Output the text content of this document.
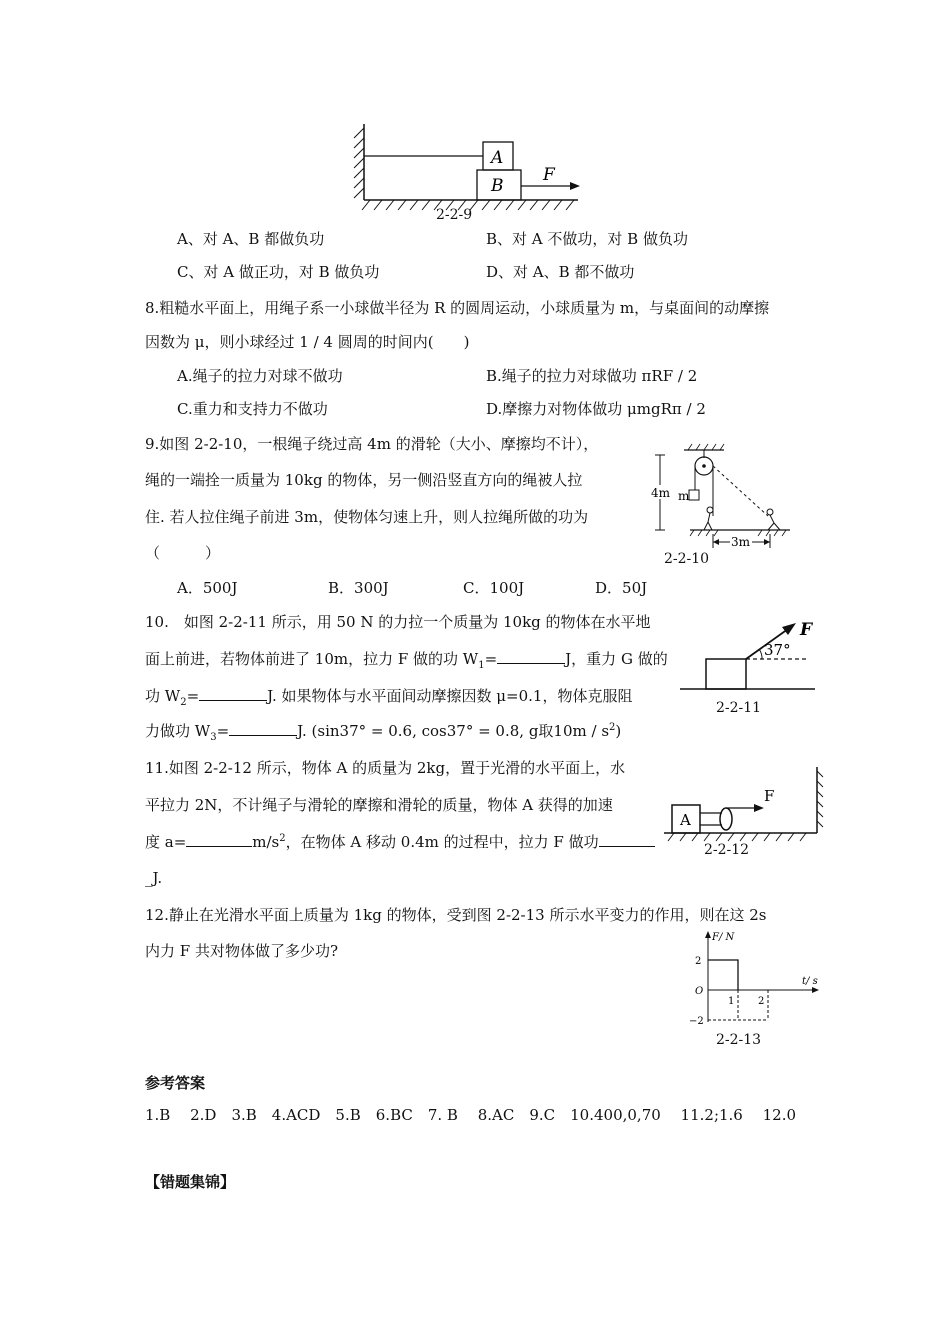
A
B
F
2-2-9
A、对 A、B 都做负功	B、对 A 不做功，对 B 做负功
C、对 A 做正功，对 B 做负功	D、对 A、B 都不做功
8.粗糙水平面上，用绳子系一小球做半径为 R 的圆周运动，小球质量为 m，与桌面间的动摩擦
因数为 μ，则小球经过 1 / 4 圆周的时间内(　　)
A.绳子的拉力对球不做功	B.绳子的拉力对球做功 πRF / 2
C.重力和支持力不做功	D.摩擦力对物体做功 μmgRπ / 2
9.如图 2-2-10，一根绳子绕过高 4m 的滑轮（大小、摩擦均不计），
绳的一端拴一质量为 10kg 的物体，另一侧沿竖直方向的绳被人拉
住. 若人拉住绳子前进 3m，使物体匀速上升，则人拉绳所做的功为
（　　　）
A．500J	B．300J	C．100J	D．50J
4m m
3m
2-2-10
10.　如图 2-2-11 所示，用 50 N 的力拉一个质量为 10kg 的物体在水平地
面上前进，若物体前进了 10m，拉力 F 做的功 $W_1=$	J，重力 G 做的
功 $W_2=$	J. 如果物体与水平面间动摩擦因数 μ=0.1，物体克服阻
力做功 $W_3=$	J. (sin37° = 0.6, cos37° = 0.8, g取$10m / s^2$)
F
37°
2-2-11
11.如图 2-2-12 所示，物体 A 的质量为 2kg，置于光滑的水平面上，水
平拉力 2N，不计绳子与滑轮的摩擦和滑轮的质量，物体 A 获得的加速
度 a=	$m/s^2$，在物体 A 移动 0.4m 的过程中，拉力 F 做功
_J.
A
F
2-2-12
12.静止在光滑水平面上质量为 1kg 的物体，受到图 2-2-13 所示水平变力的作用，则在这 2s
内力 F 共对物体做了多少功?
F/ N
t/ s
2
O
−2
1 2
2-2-13
参考答案
1.B　 2.D　3.B　4.ACD　5.B　6.BC　7. B　 8.AC　9.C　10.400,0,70　 11.2;1.6　 12.0
【错题集锦】
